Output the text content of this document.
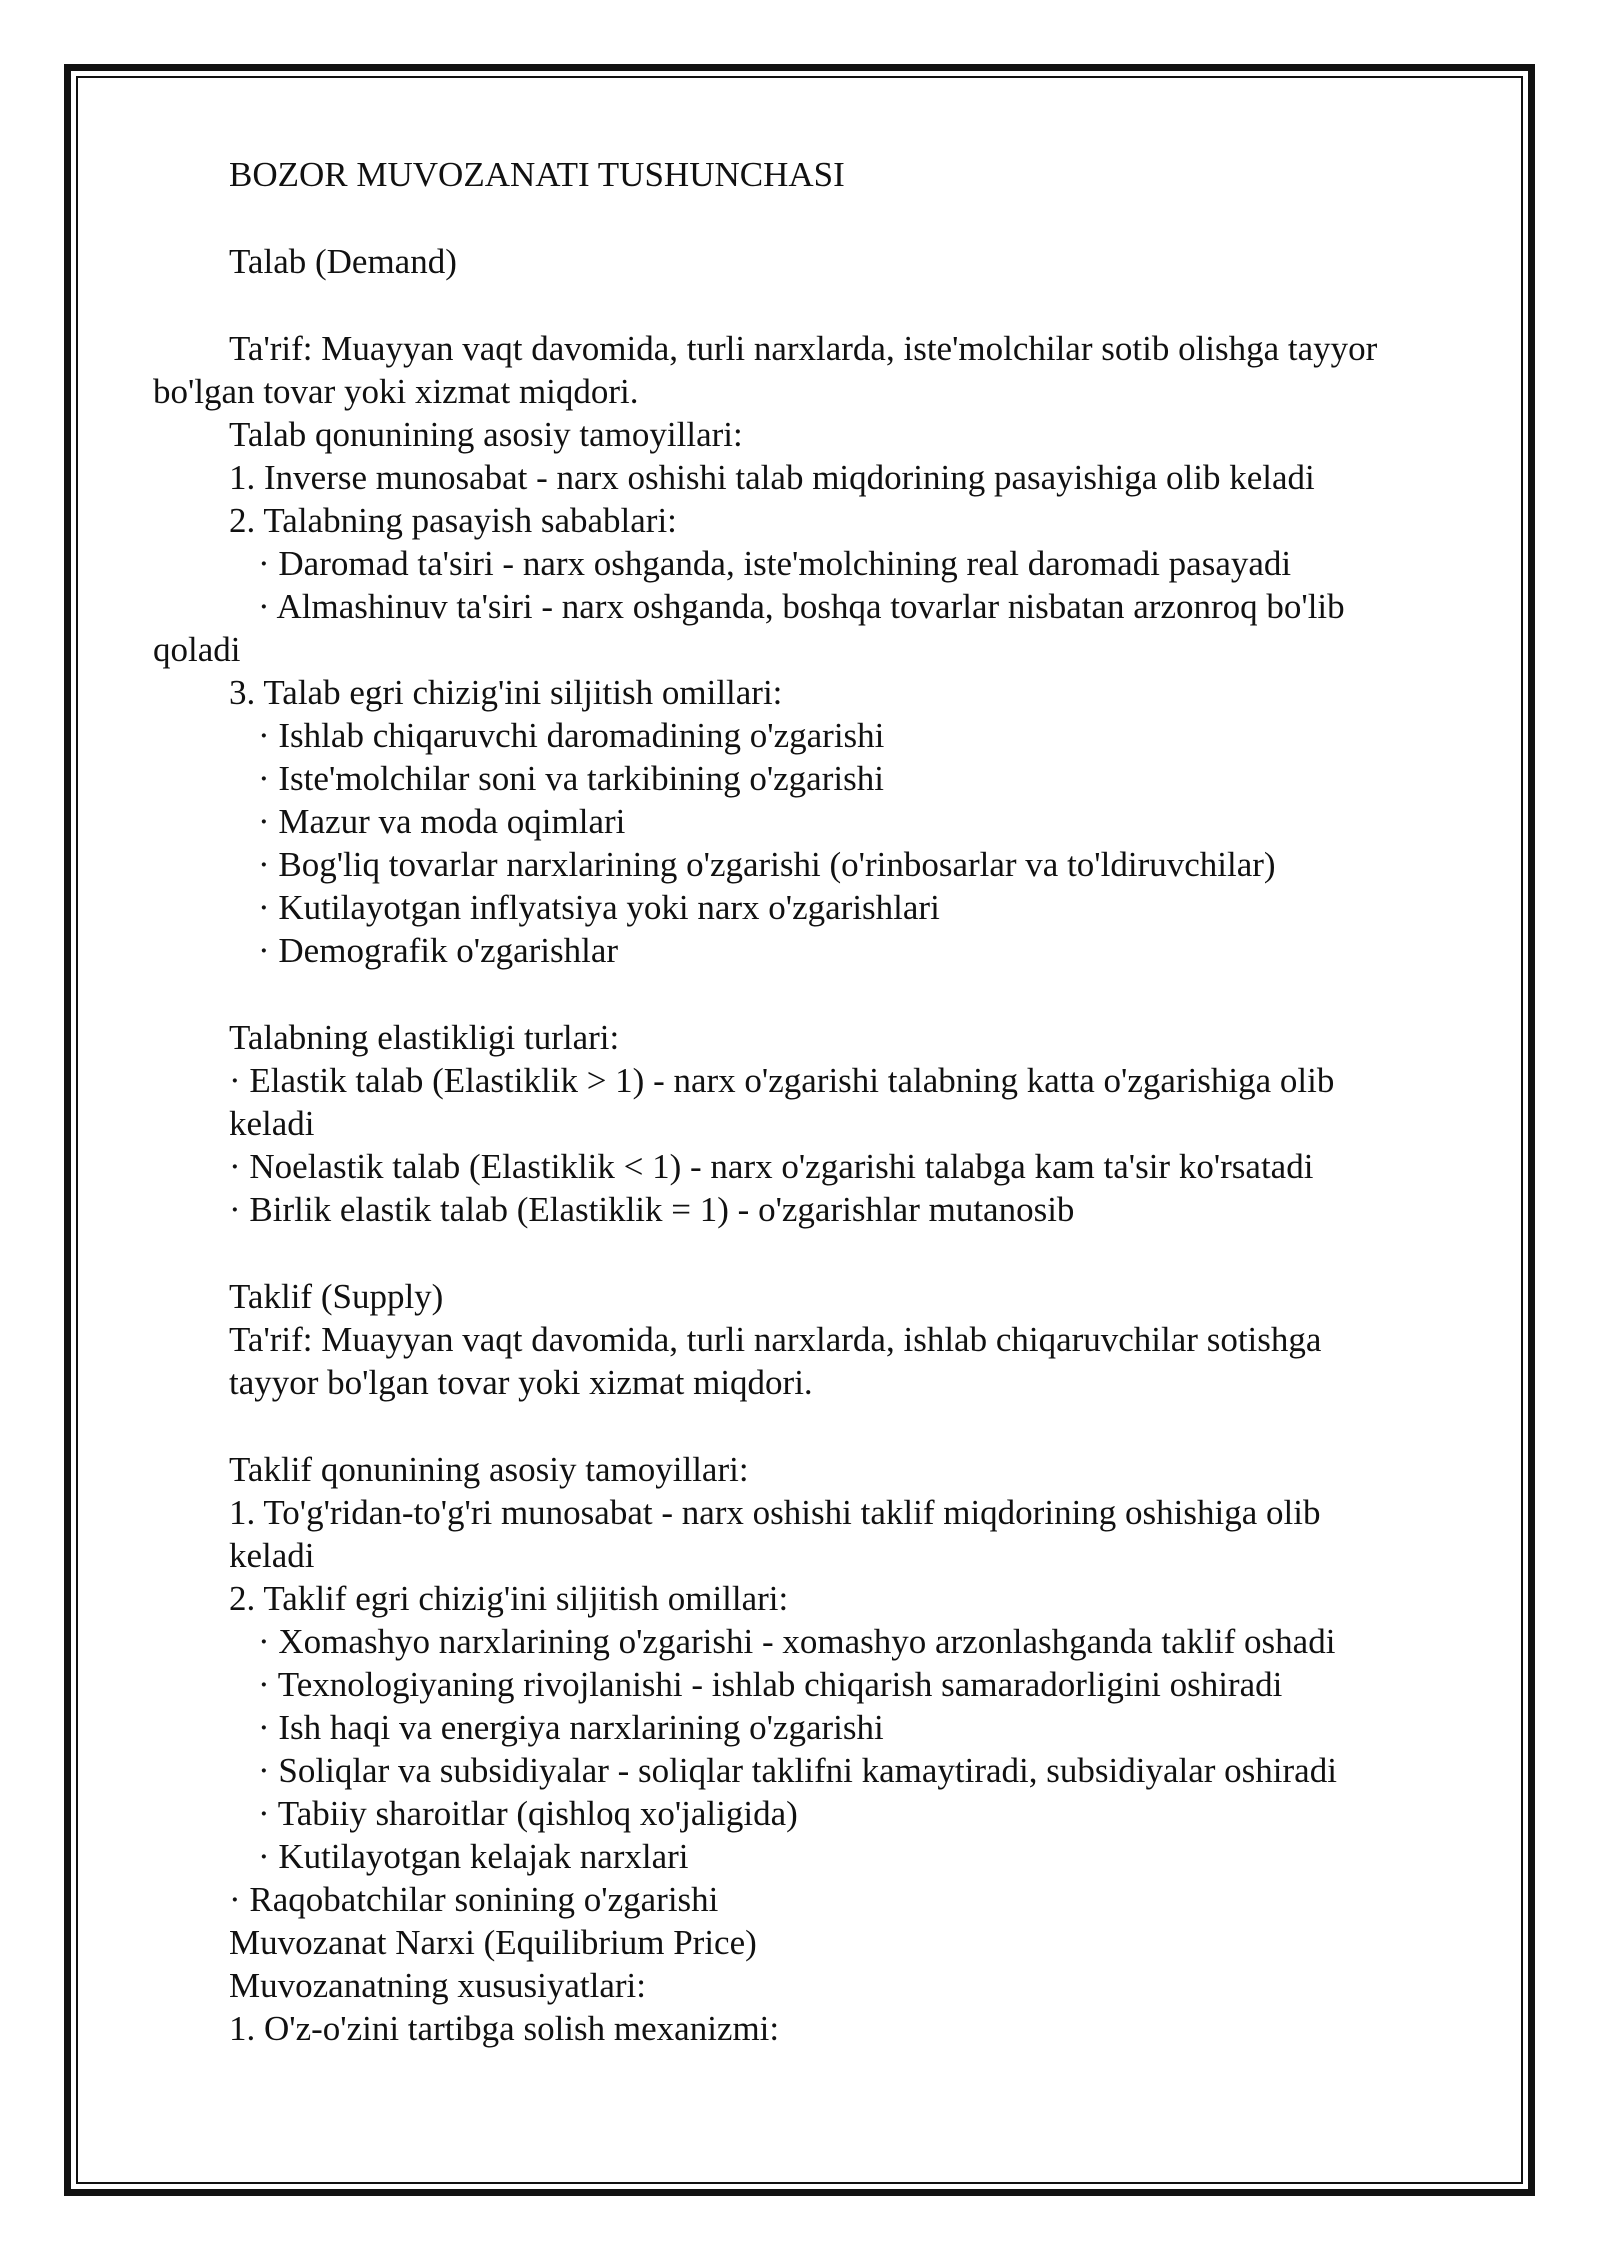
BOZOR MUVOZANATI TUSHUNCHASI
Talab (Demand)
Ta'rif: Muayyan vaqt davomida, turli narxlarda, iste'molchilar sotib olishga tayyor
bo'lgan tovar yoki xizmat miqdori.
Talab qonunining asosiy tamoyillari:
1. Inverse munosabat - narx oshishi talab miqdorining pasayishiga olib keladi
2. Talabning pasayish sabablari:
· Daromad ta'siri - narx oshganda, iste'molchining real daromadi pasayadi
· Almashinuv ta'siri - narx oshganda, boshqa tovarlar nisbatan arzonroq bo'lib
qoladi
3. Talab egri chizig'ini siljitish omillari:
· Ishlab chiqaruvchi daromadining o'zgarishi
· Iste'molchilar soni va tarkibining o'zgarishi
· Mazur va moda oqimlari
· Bog'liq tovarlar narxlarining o'zgarishi (o'rinbosarlar va to'ldiruvchilar)
· Kutilayotgan inflyatsiya yoki narx o'zgarishlari
· Demografik o'zgarishlar
Talabning elastikligi turlari:
· Elastik talab (Elastiklik > 1) - narx o'zgarishi talabning katta o'zgarishiga olib
keladi
· Noelastik talab (Elastiklik < 1) - narx o'zgarishi talabga kam ta'sir ko'rsatadi
· Birlik elastik talab (Elastiklik = 1) - o'zgarishlar mutanosib
Taklif (Supply)
Ta'rif: Muayyan vaqt davomida, turli narxlarda, ishlab chiqaruvchilar sotishga
tayyor bo'lgan tovar yoki xizmat miqdori.
Taklif qonunining asosiy tamoyillari:
1. To'g'ridan-to'g'ri munosabat - narx oshishi taklif miqdorining oshishiga olib
keladi
2. Taklif egri chizig'ini siljitish omillari:
· Xomashyo narxlarining o'zgarishi - xomashyo arzonlashganda taklif oshadi
· Texnologiyaning rivojlanishi - ishlab chiqarish samaradorligini oshiradi
· Ish haqi va energiya narxlarining o'zgarishi
· Soliqlar va subsidiyalar - soliqlar taklifni kamaytiradi, subsidiyalar oshiradi
· Tabiiy sharoitlar (qishloq xo'jaligida)
· Kutilayotgan kelajak narxlari
· Raqobatchilar sonining o'zgarishi
Muvozanat Narxi (Equilibrium Price)
Muvozanatning xususiyatlari:
1. O'z-o'zini tartibga solish mexanizmi:
